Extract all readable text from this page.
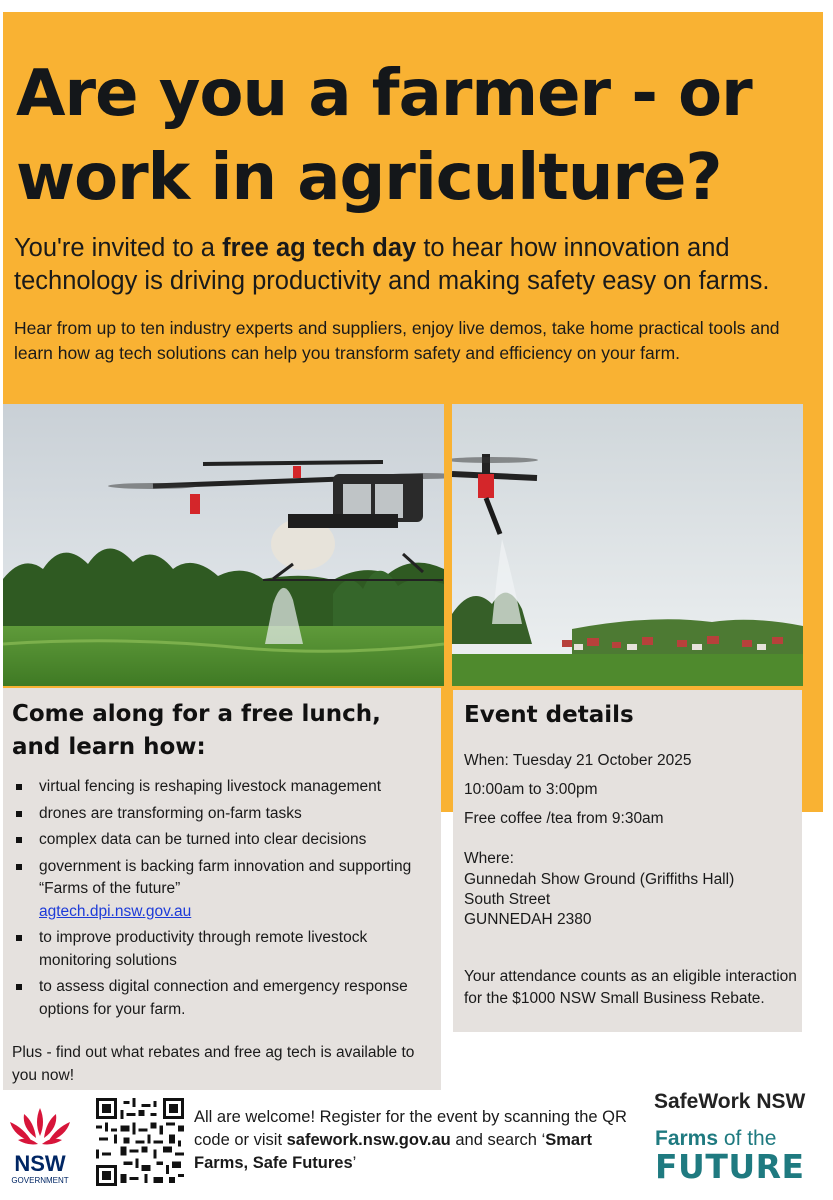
Are you a farmer - or
work in agriculture?
You're invited to a free ag tech day to hear how innovation and technology is driving productivity and making safety easy on farms.
Hear from up to ten industry experts and suppliers, enjoy live demos, take home practical tools and learn how ag tech solutions can help you transform safety and efficiency on your farm.
Come along for a free lunch, and learn how:
virtual fencing is reshaping livestock management
drones are transforming on-farm tasks
complex data can be turned into clear decisions
government is backing farm innovation and supporting “Farms of the future”
agtech.dpi.nsw.gov.au
to improve productivity through remote livestock monitoring solutions
to assess digital connection and emergency response options for your farm.
Plus - find out what rebates and free ag tech is available to you now!
Event details
When: Tuesday 21 October 2025
10:00am to 3:00pm
Free coffee /tea from 9:30am
Where:
Gunnedah Show Ground (Griffiths Hall)
South Street
GUNNEDAH 2380
Your attendance counts as an eligible interaction for the $1000 NSW Small Business Rebate.
NSW
GOVERNMENT
All are welcome! Register for the event by scanning the QR code or visit safework.nsw.gov.au and search ‘Smart Farms, Safe Futures’
SafeWork NSW
Farms of the
FUTURE
